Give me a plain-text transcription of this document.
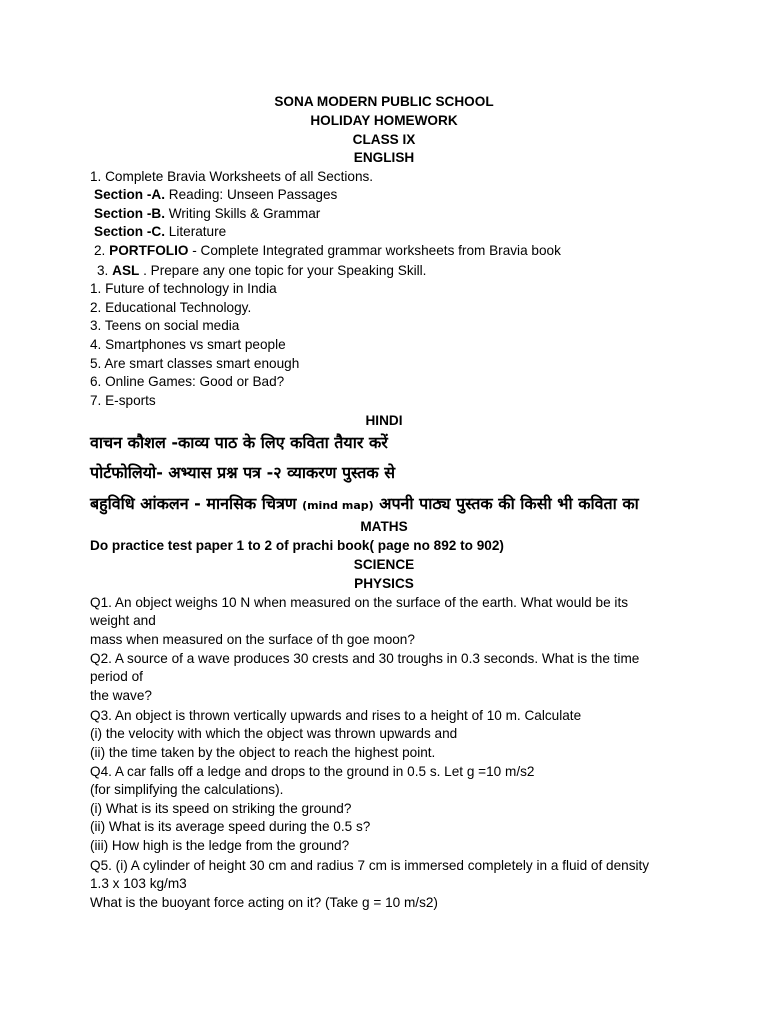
SONA MODERN PUBLIC SCHOOL
HOLIDAY HOMEWORK
CLASS IX
ENGLISH
1. Complete Bravia Worksheets of all Sections.
Section -A. Reading: Unseen Passages
Section -B. Writing Skills & Grammar
Section -C. Literature
2. PORTFOLIO - Complete Integrated grammar worksheets from Bravia book
3. ASL . Prepare any one topic for your Speaking Skill.
1. Future of technology in India
2. Educational Technology.
3. Teens on social media
4. Smartphones vs smart people
5. Are smart classes smart enough
6. Online Games: Good or Bad?
7. E-sports
HINDI
वाचन कौशल -काव्य पाठ के लिए कविता तैयार करें
पोर्टफोलियो- अभ्यास प्रश्न पत्र -२ व्याकरण पुस्तक से
बहुविधि आंकलन - मानसिक चित्रण (mind map) अपनी पाठ्य पुस्तक की किसी भी कविता का
MATHS
Do practice test paper 1 to 2 of prachi book( page no 892 to 902)
SCIENCE
PHYSICS
Q1. An object weighs 10 N when measured on the surface of the earth. What would be its
weight and
mass when measured on the surface of th goe moon?
Q2. A source of a wave produces 30 crests and 30 troughs in 0.3 seconds. What is the time
period of
the wave?
Q3. An object is thrown vertically upwards and rises to a height of 10 m. Calculate
(i) the velocity with which the object was thrown upwards and
(ii) the time taken by the object to reach the highest point.
Q4. A car falls off a ledge and drops to the ground in 0.5 s. Let g =10 m/s2
(for simplifying the calculations).
(i) What is its speed on striking the ground?
(ii) What is its average speed during the 0.5 s?
(iii) How high is the ledge from the ground?
Q5. (i) A cylinder of height 30 cm and radius 7 cm is immersed completely in a fluid of density
1.3 x 103 kg/m3
What is the buoyant force acting on it? (Take g = 10 m/s2)
